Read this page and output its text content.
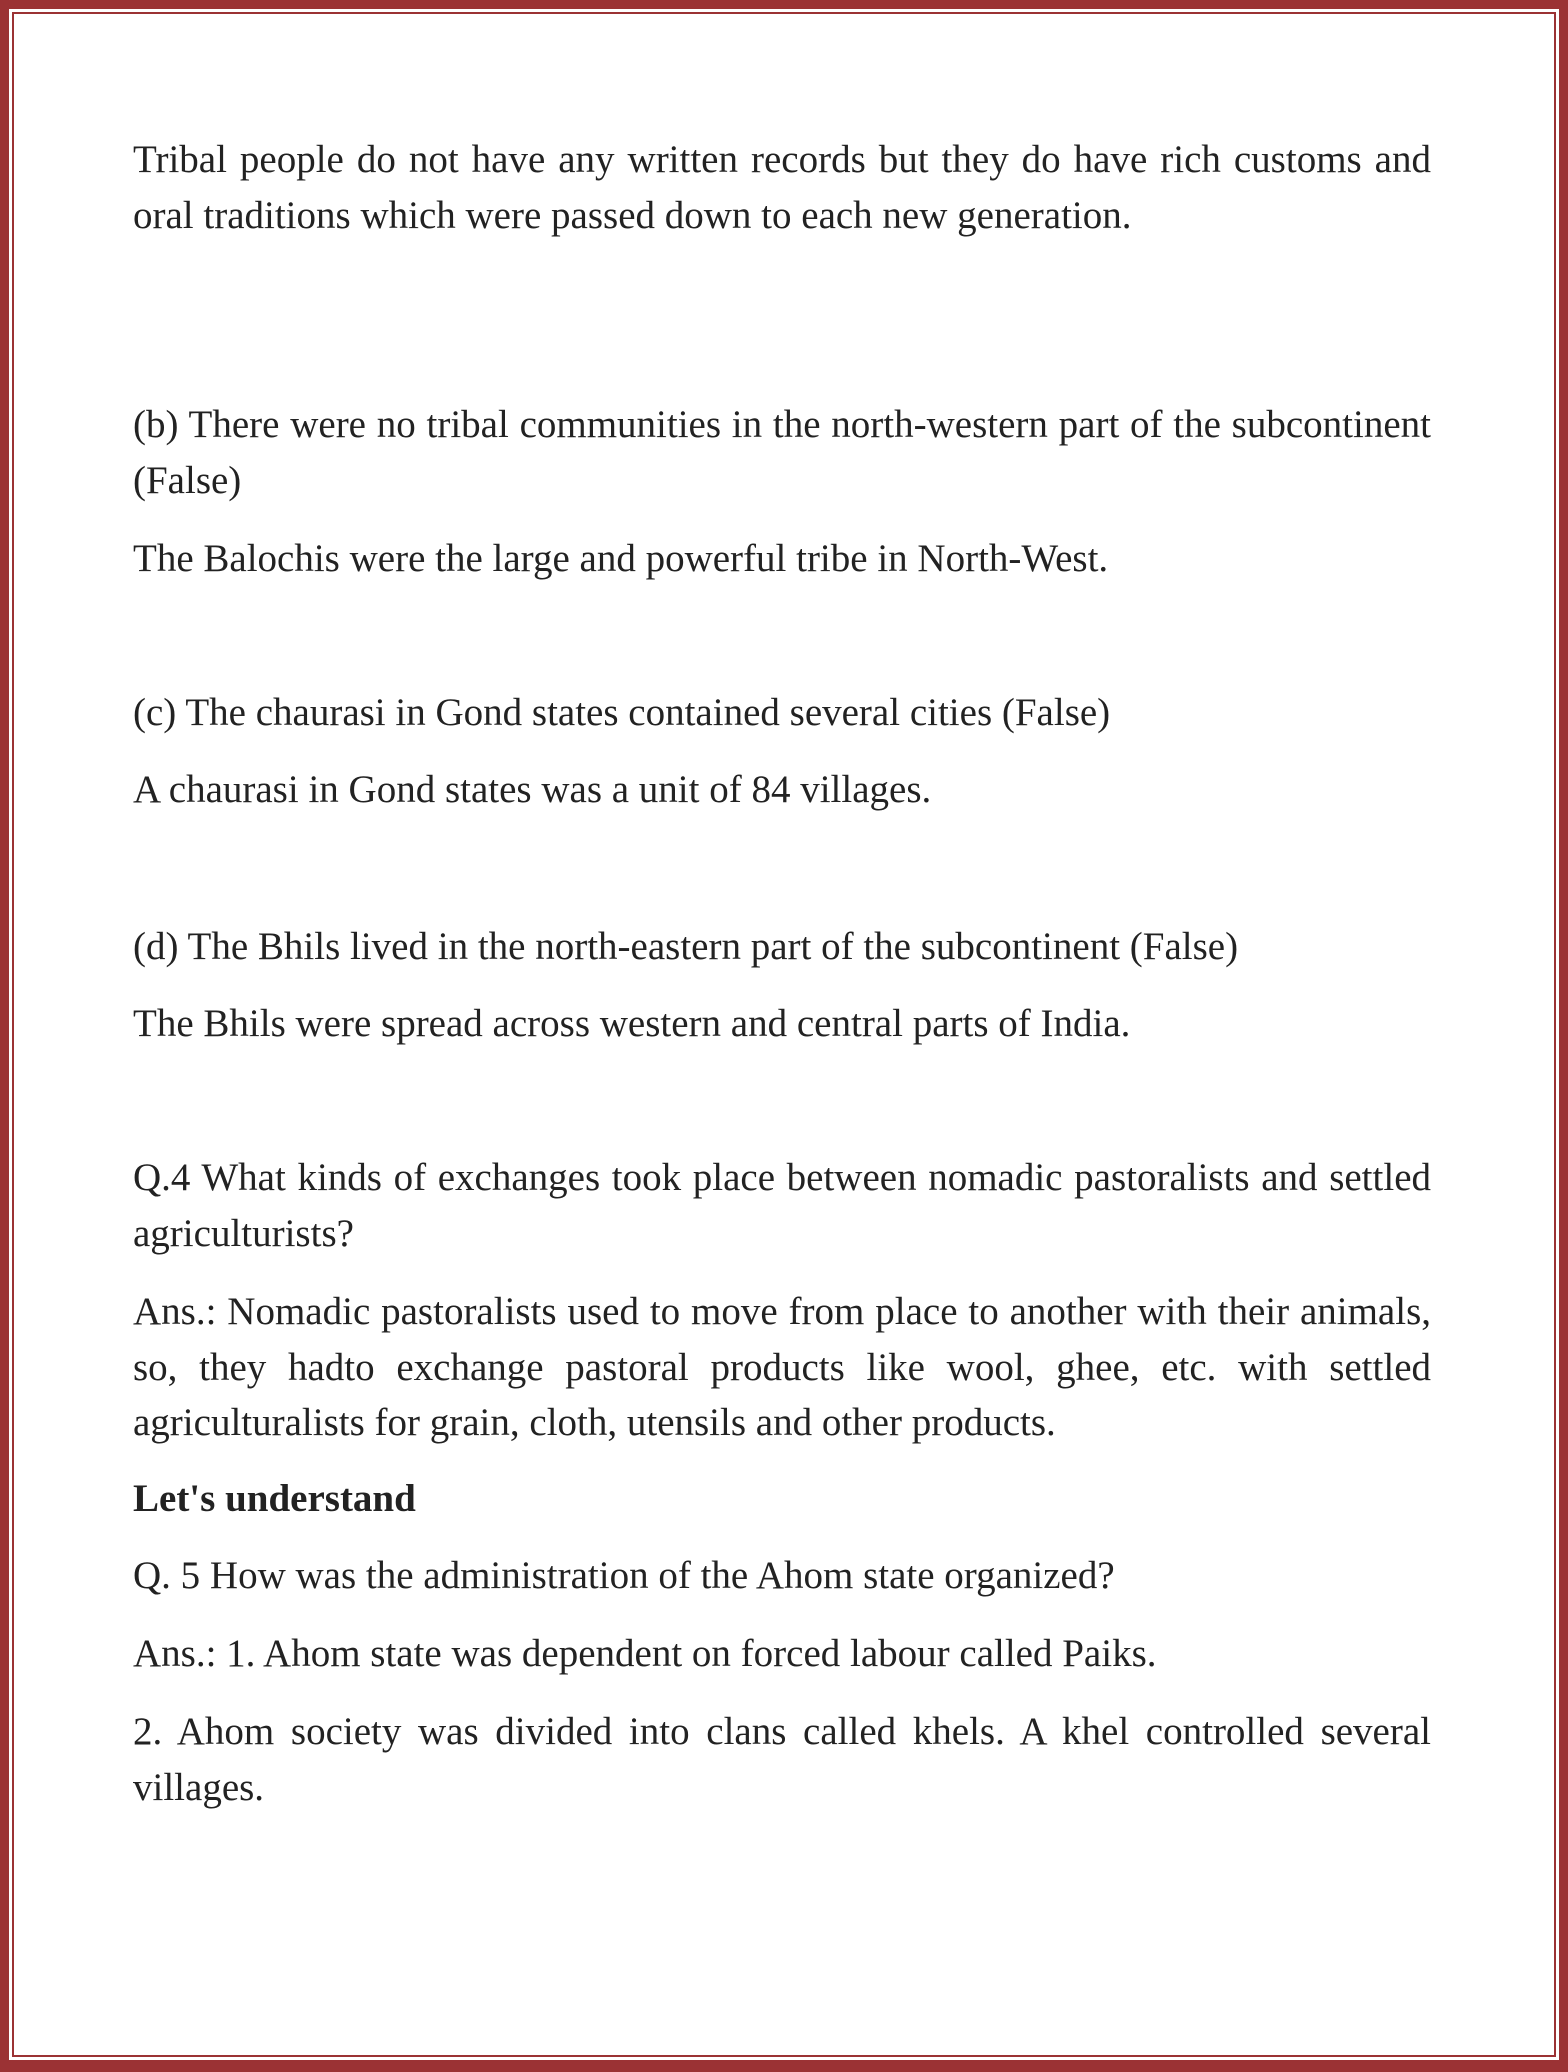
Tribal people do not have any written records but they do have rich customs and oral traditions which were passed down to each new generation.

(b) There were no tribal communities in the north-western part of the subcontinent (False)

The Balochis were the large and powerful tribe in North-West.

(c) The chaurasi in Gond states contained several cities (False)

A chaurasi in Gond states was a unit of 84 villages.

(d) The Bhils lived in the north-eastern part of the subcontinent (False)

The Bhils were spread across western and central parts of India.

Q.4 What kinds of exchanges took place between nomadic pastoralists and settled agriculturists?

Ans.: Nomadic pastoralists used to move from place to another with their animals, so, they hadto exchange pastoral products like wool, ghee, etc. with settled agriculturalists for grain, cloth, utensils and other products.

Let's understand

Q. 5 How was the administration of the Ahom state organized?

Ans.: 1. Ahom state was dependent on forced labour called Paiks.

2. Ahom society was divided into clans called khels. A khel controlled several villages.
